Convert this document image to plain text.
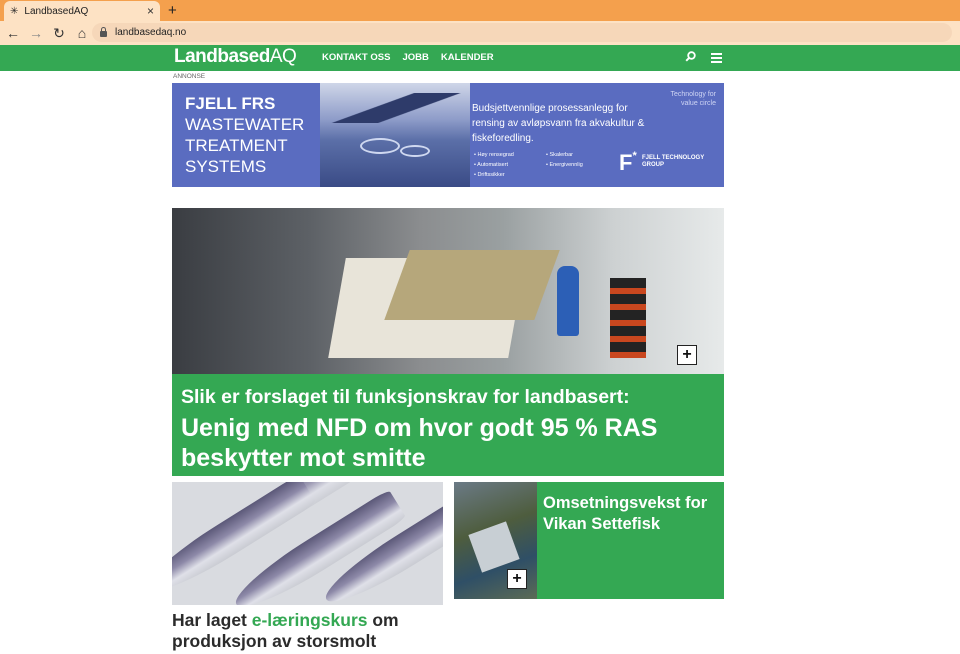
✳ LandbasedAQ	× +
← → ↻ ⌂	landbasedaq.no
LandbasedAQ	KONTAKT OSS JOBB KALENDER
ANNONSE
FJELL FRS
WASTEWATER
TREATMENT
SYSTEMS
Technology for
value circle
Budsjettvennlige prosessanlegg for rensing av avløpsvann fra akvakultur & fiskeforedling.
• Høy rensegrad	• Skalerbar
• Automatisert	• Energivennlig
• Driftssikker	F* FJELL TECHNOLOGY
GROUP
+
Slik er forslaget til funksjonskrav for landbasert:
Uenig med NFD om hvor godt 95 % RAS beskytter mot smitte
Har laget e-læringskurs om produksjon av storsmolt
+
Omsetningsvekst for Vikan Settefisk
